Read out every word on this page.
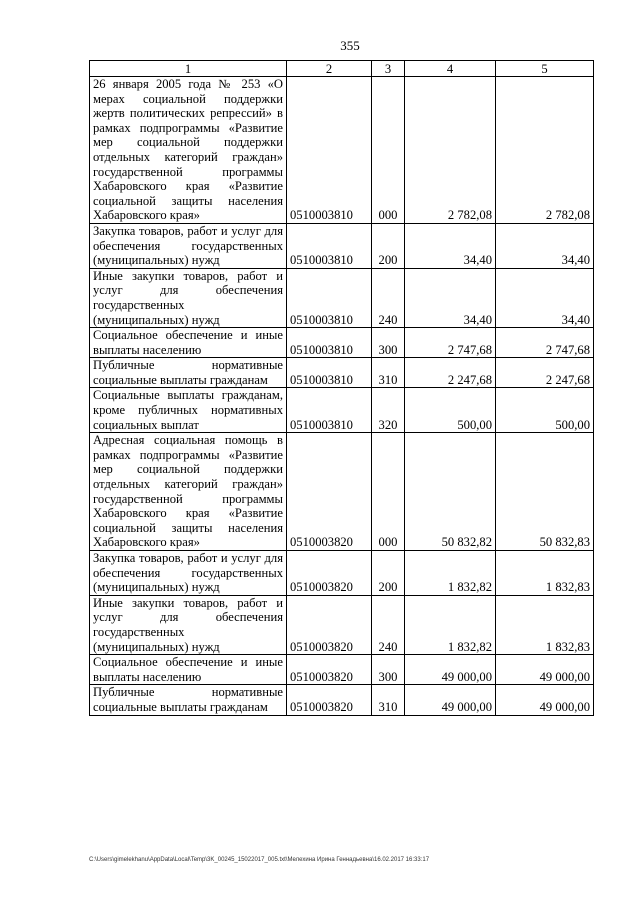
355
1	2	3	4	5
26 января 2005 года № 253 «О мерах социальной поддержки жертв политических репрессий» в рамках подпрограммы «Развитие мер социальной поддержки отдельных категорий граждан» государственной программы Хабаровского края «Развитие социальной защиты населения Хабаровского края»	0510003810	000	2 782,08	2 782,08
Закупка товаров, работ и услуг для обеспечения государственных (муниципальных) нужд	0510003810	200	34,40	34,40
Иные закупки товаров, работ и услуг для обеспечения государственных (муниципальных) нужд	0510003810	240	34,40	34,40
Социальное обеспечение и иные выплаты населению	0510003810	300	2 747,68	2 747,68
Публичные нормативные социальные выплаты гражданам	0510003810	310	2 247,68	2 247,68
Социальные выплаты гражданам, кроме публичных нормативных социальных выплат	0510003810	320	500,00	500,00
Адресная социальная помощь в рамках подпрограммы «Развитие мер социальной поддержки отдельных категорий граждан» государственной программы Хабаровского края «Развитие социальной защиты населения Хабаровского края»	0510003820	000	50 832,82	50 832,83
Закупка товаров, работ и услуг для обеспечения государственных (муниципальных) нужд	0510003820	200	1 832,82	1 832,83
Иные закупки товаров, работ и услуг для обеспечения государственных (муниципальных) нужд	0510003820	240	1 832,82	1 832,83
Социальное обеспечение и иные выплаты населению	0510003820	300	49 000,00	49 000,00
Публичные нормативные социальные выплаты гражданам	0510003820	310	49 000,00	49 000,00
C:\Users\gimelekhanu\AppData\Local\Temp\3K_00245_15022017_005.txt\Мелехина Ирина Геннадьевна\16.02.2017 16:33:17
